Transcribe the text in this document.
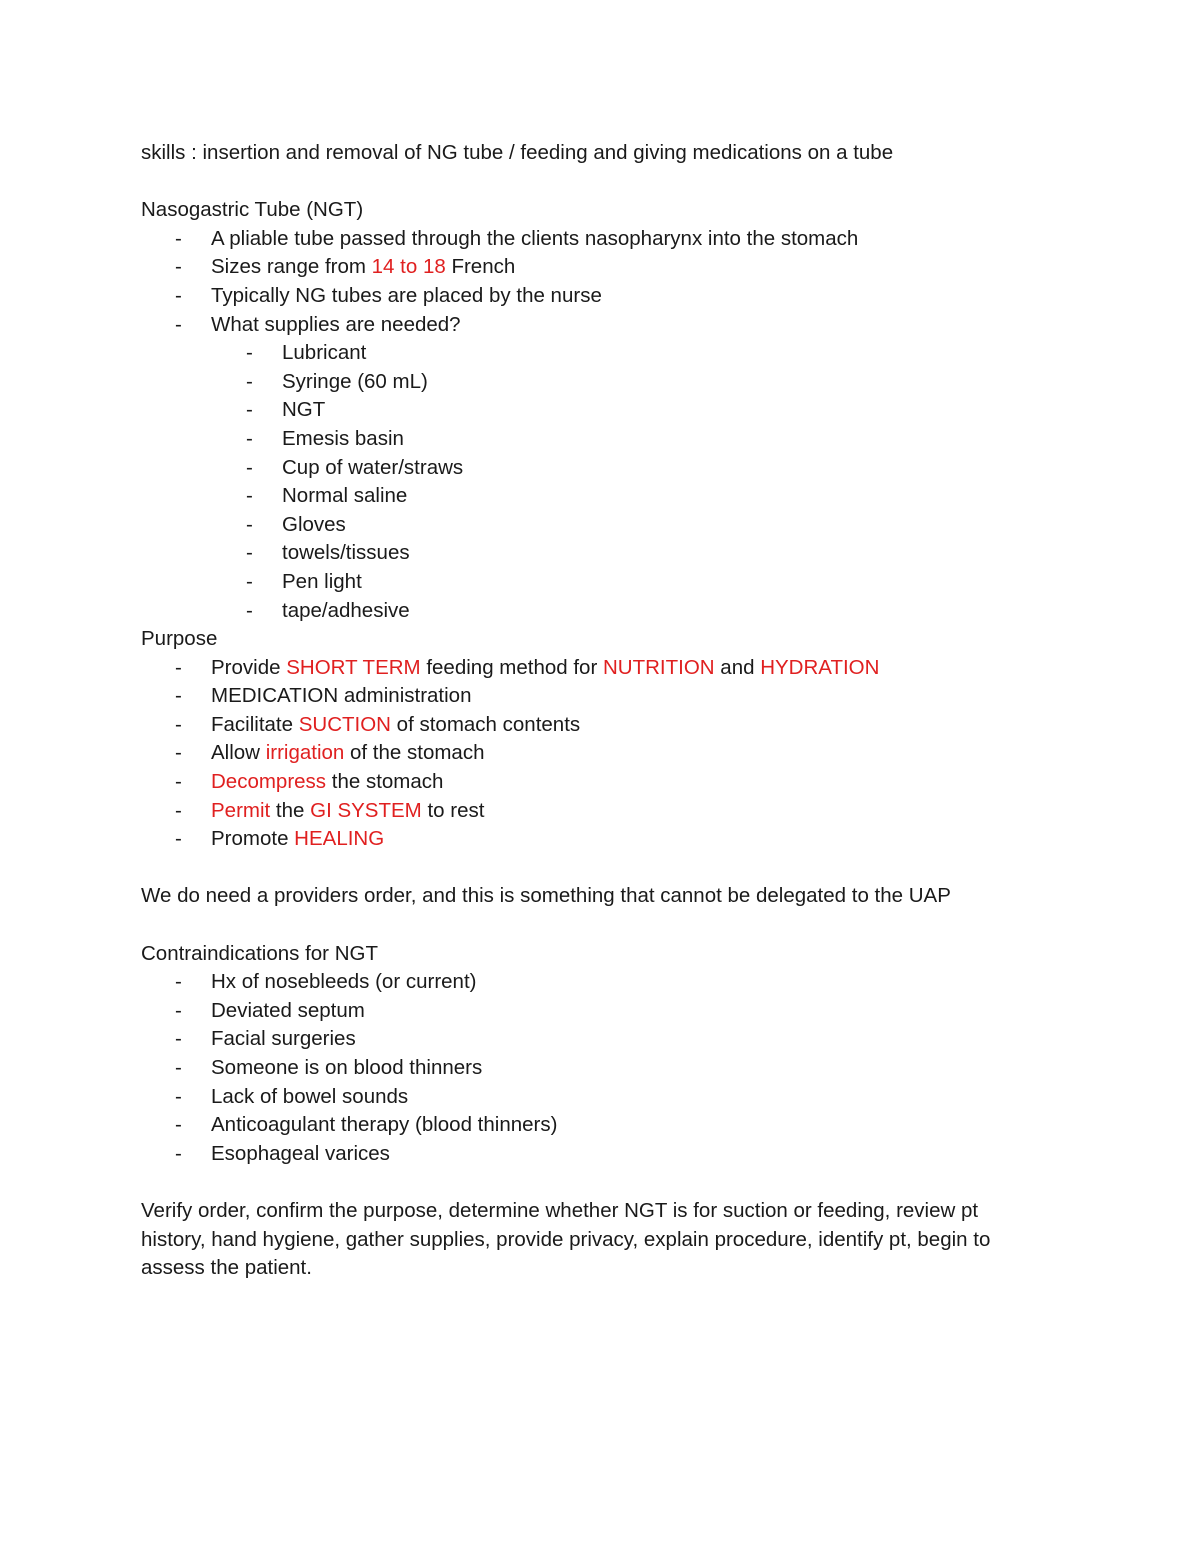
skills : insertion and removal of NG tube / feeding and giving medications on a tube

Nasogastric Tube (NGT)

- A pliable tube passed through the clients nasopharynx into the stomach
- Sizes range from 14 to 18 French
- Typically NG tubes are placed by the nurse
- What supplies are needed?
- Lubricant
- Syringe (60 mL)
- NGT
- Emesis basin
- Cup of water/straws
- Normal saline
- Gloves
- towels/tissues
- Pen light
- tape/adhesive

Purpose

- Provide SHORT TERM feeding method for NUTRITION and HYDRATION
- MEDICATION administration
- Facilitate SUCTION of stomach contents
- Allow irrigation of the stomach
- Decompress the stomach
- Permit the GI SYSTEM to rest
- Promote HEALING

We do need a providers order, and this is something that cannot be delegated to the UAP

Contraindications for NGT

- Hx of nosebleeds (or current)
- Deviated septum
- Facial surgeries
- Someone is on blood thinners
- Lack of bowel sounds
- Anticoagulant therapy (blood thinners)
- Esophageal varices

Verify order, confirm the purpose, determine whether NGT is for suction or feeding, review pt
history, hand hygiene, gather supplies, provide privacy, explain procedure, identify pt, begin to
assess the patient.
